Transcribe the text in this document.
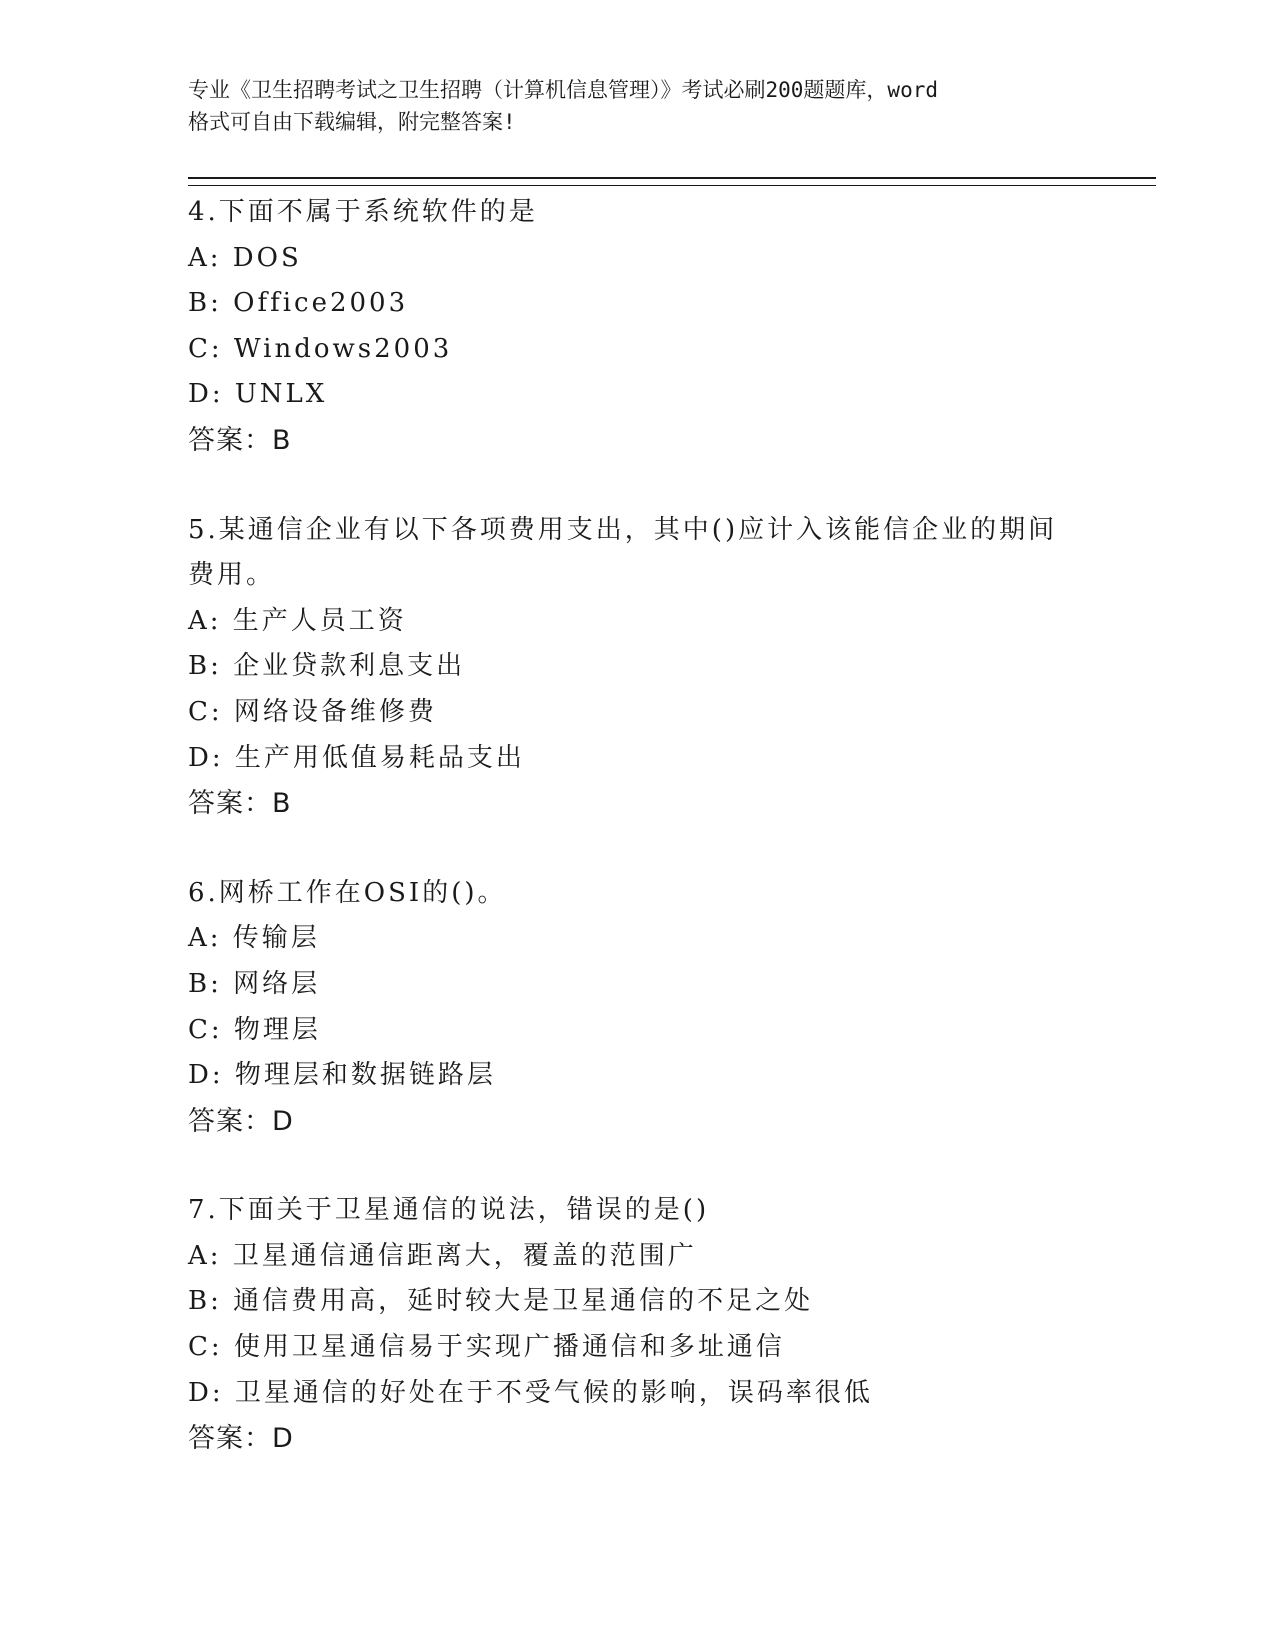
专业《卫生招聘考试之卫生招聘（计算机信息管理）》考试必刷200题题库，word
格式可自由下载编辑，附完整答案!
4.下面不属于系统软件的是
A: DOS
B: Office2003
C: Windows2003
D: UNLX
答案：B
5.某通信企业有以下各项费用支出，其中()应计入该能信企业的期间费用。
A: 生产人员工资
B: 企业贷款利息支出
C: 网络设备维修费
D: 生产用低值易耗品支出
答案：B
6.网桥工作在OSI的()。
A: 传输层
B: 网络层
C: 物理层
D: 物理层和数据链路层
答案：D
7.下面关于卫星通信的说法，错误的是()
A: 卫星通信通信距离大，覆盖的范围广
B: 通信费用高，延时较大是卫星通信的不足之处
C: 使用卫星通信易于实现广播通信和多址通信
D: 卫星通信的好处在于不受气候的影响，误码率很低
答案：D
